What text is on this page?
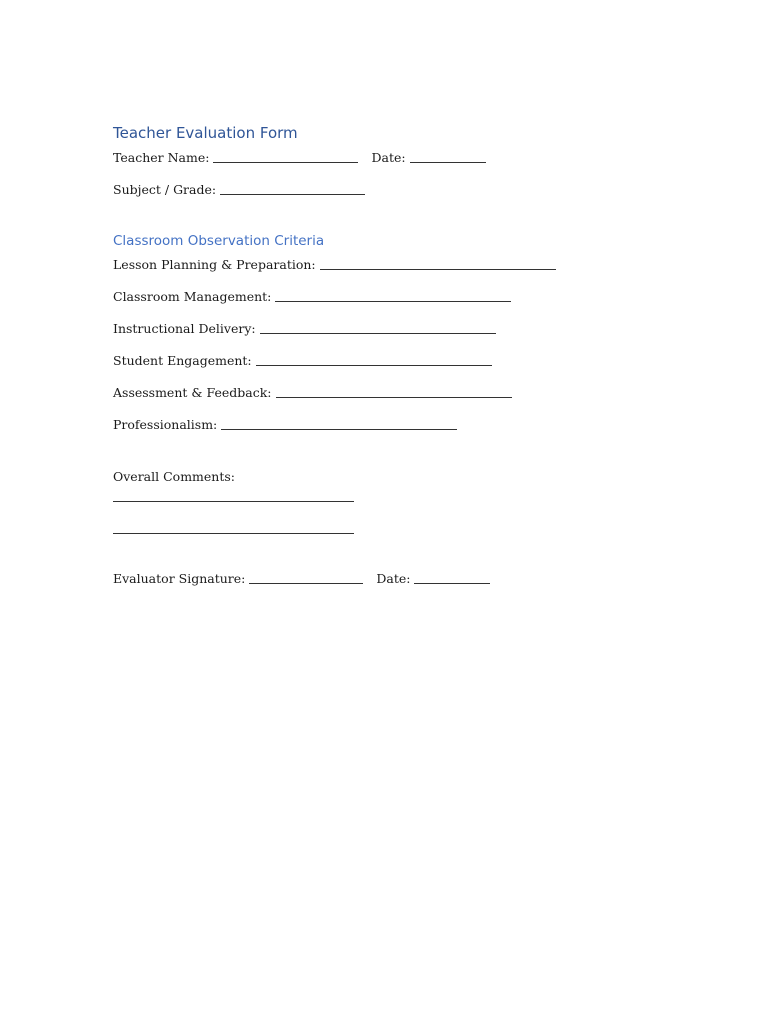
Teacher Evaluation Form
Teacher Name:	Date:
Subject / Grade:
Classroom Observation Criteria
Lesson Planning & Preparation:
Classroom Management:
Instructional Delivery:
Student Engagement:
Assessment & Feedback:
Professionalism:
Overall Comments:
Evaluator Signature:	Date:
